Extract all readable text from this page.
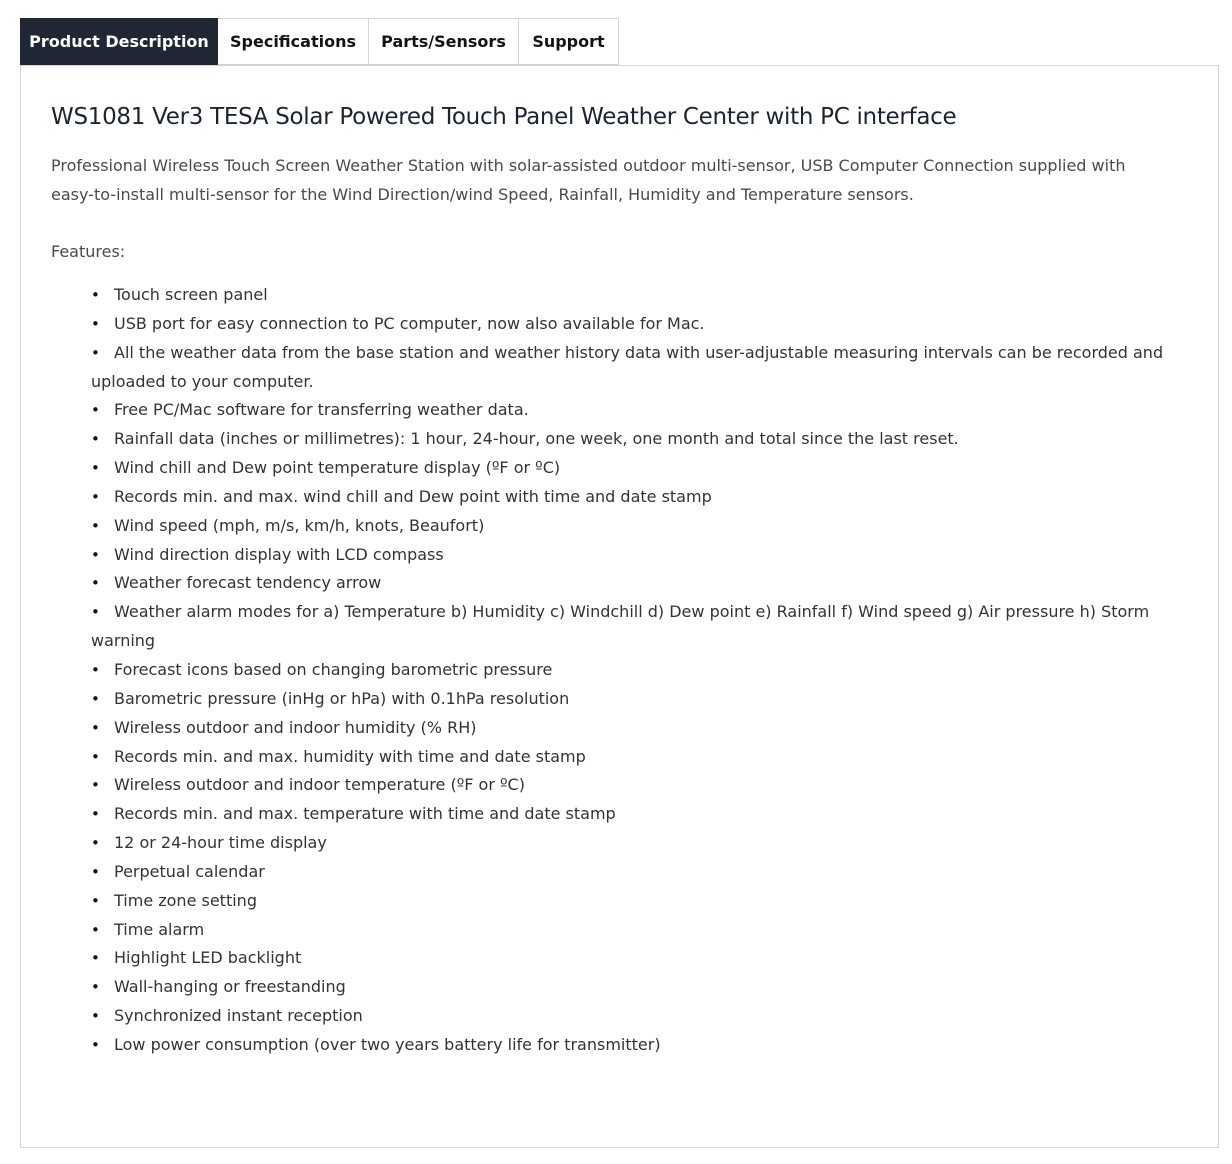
Product Description	Specifications	Parts/Sensors	Support
WS1081 Ver3 TESA Solar Powered Touch Panel Weather Center with PC interface

Professional Wireless Touch Screen Weather Station with solar-assisted outdoor multi-sensor, USB Computer Connection supplied with easy-to-install multi-sensor for the Wind Direction/wind Speed, Rainfall, Humidity and Temperature sensors.

Features:

• Touch screen panel
• USB port for easy connection to PC computer, now also available for Mac.
• All the weather data from the base station and weather history data with user-adjustable measuring intervals can be recorded and uploaded to your computer.
• Free PC/Mac software for transferring weather data.
• Rainfall data (inches or millimetres): 1 hour, 24-hour, one week, one month and total since the last reset.
• Wind chill and Dew point temperature display (ºF or ºC)
• Records min. and max. wind chill and Dew point with time and date stamp
• Wind speed (mph, m/s, km/h, knots, Beaufort)
• Wind direction display with LCD compass
• Weather forecast tendency arrow
• Weather alarm modes for a) Temperature b) Humidity c) Windchill d) Dew point e) Rainfall f) Wind speed g) Air pressure h) Storm warning
• Forecast icons based on changing barometric pressure
• Barometric pressure (inHg or hPa) with 0.1hPa resolution
• Wireless outdoor and indoor humidity (% RH)
• Records min. and max. humidity with time and date stamp
• Wireless outdoor and indoor temperature (ºF or ºC)
• Records min. and max. temperature with time and date stamp
• 12 or 24-hour time display
• Perpetual calendar
• Time zone setting
• Time alarm
• Highlight LED backlight
• Wall-hanging or freestanding
• Synchronized instant reception
• Low power consumption (over two years battery life for transmitter)
